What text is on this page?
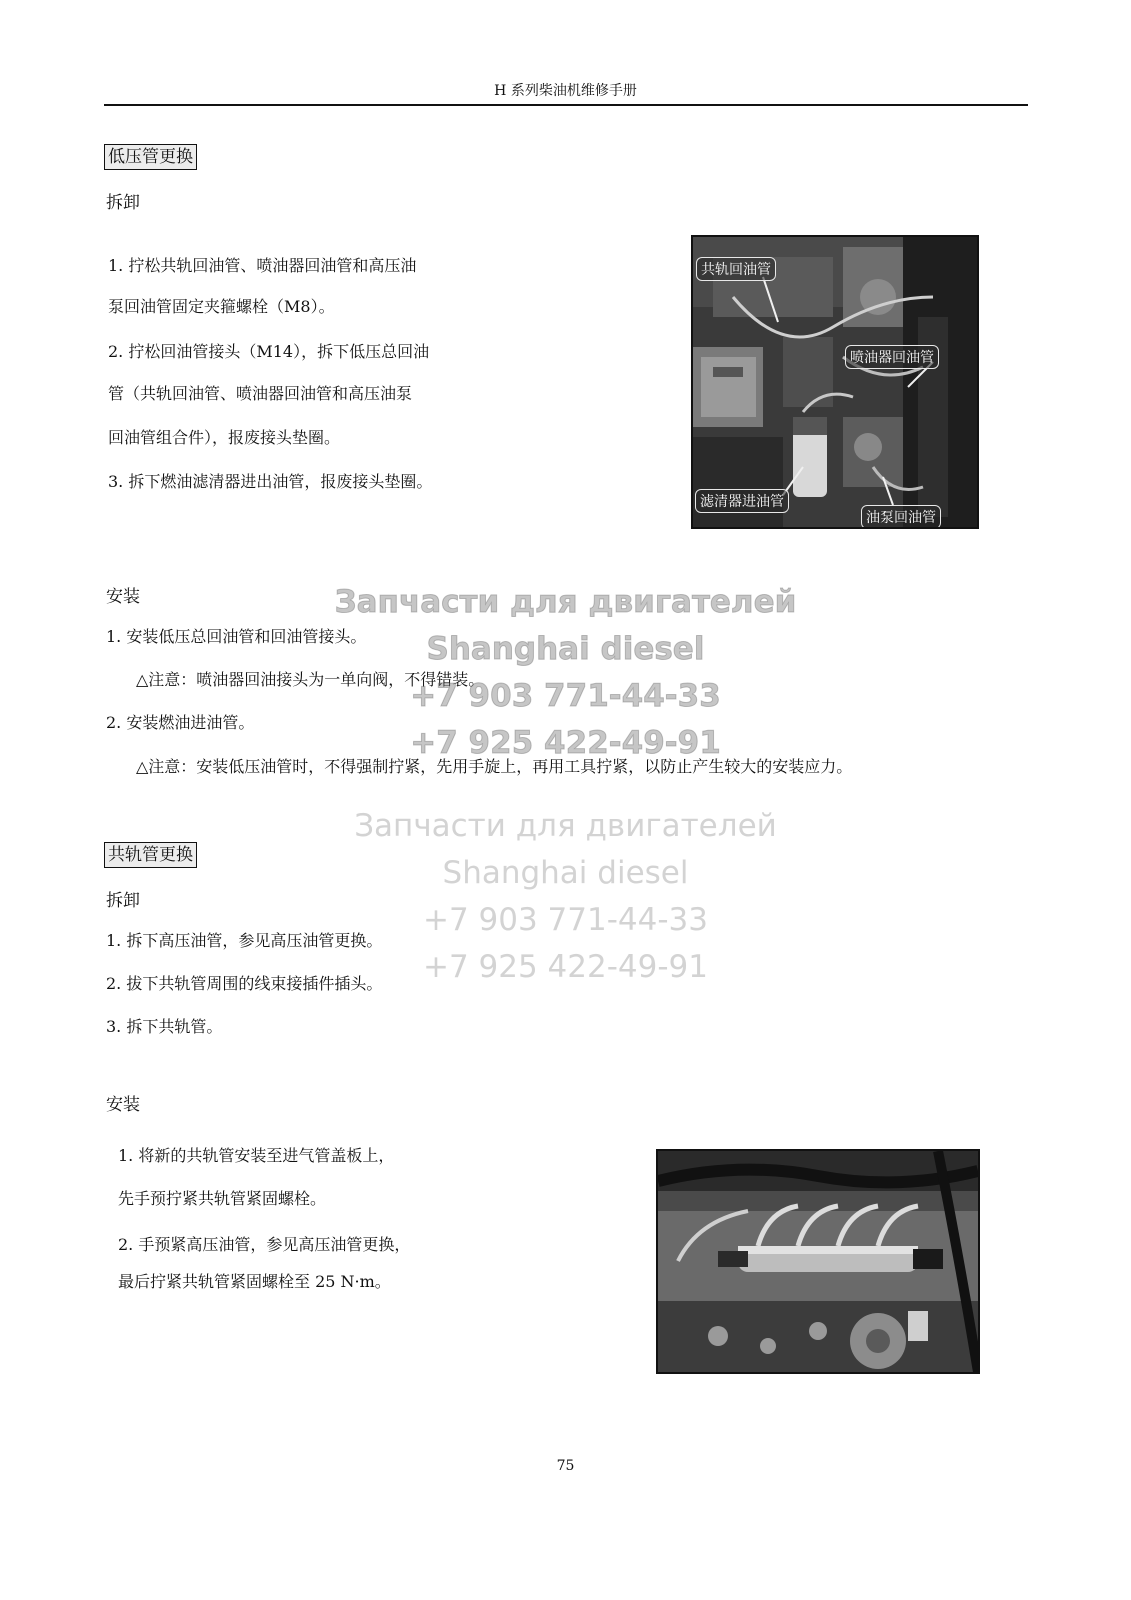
H 系列柴油机维修手册
低压管更换
拆卸
1. 拧松共轨回油管、喷油器回油管和高压油
泵回油管固定夹箍螺栓（M8）。
2. 拧松回油管接头（M14），拆下低压总回油
管（共轨回油管、喷油器回油管和高压油泵
回油管组合件），报废接头垫圈。
3. 拆下燃油滤清器进出油管，报废接头垫圈。
共轨回油管
喷油器回油管
滤清器进油管
油泵回油管
安装
1. 安装低压总回油管和回油管接头。
△注意：喷油器回油接头为一单向阀，不得错装。
2. 安装燃油进油管。
△注意：安装低压油管时，不得强制拧紧，先用手旋上，再用工具拧紧，以防止产生较大的安装应力。
共轨管更换
拆卸
1. 拆下高压油管，参见高压油管更换。
2. 拔下共轨管周围的线束接插件插头。
3. 拆下共轨管。
安装
1. 将新的共轨管安装至进气管盖板上，
先手预拧紧共轨管紧固螺栓。
2. 手预紧高压油管，参见高压油管更换，
最后拧紧共轨管紧固螺栓至 25 N·m。
Запчасти для двигателей
Shanghai diesel
+7 903 771-44-33
+7 925 422-49-91
Запчасти для двигателей
Shanghai diesel
+7 903 771-44-33
+7 925 422-49-91
75
